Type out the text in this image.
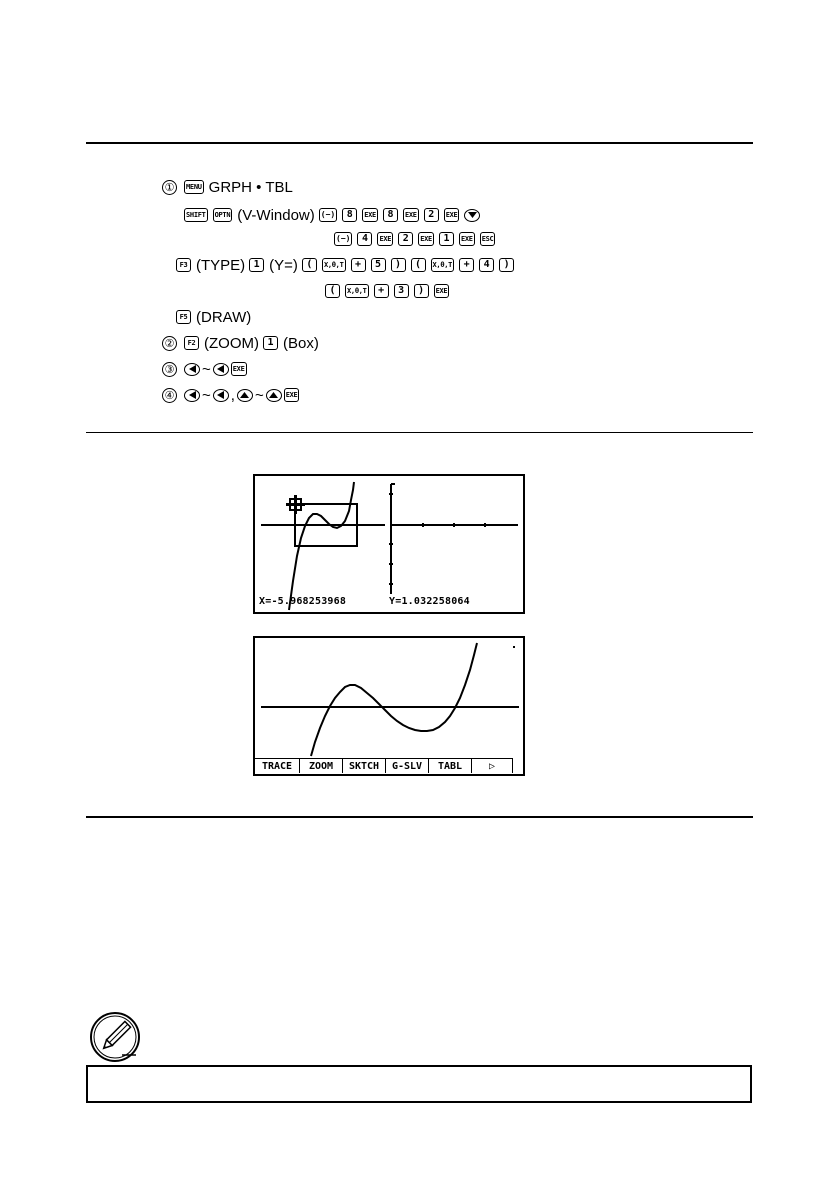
①	MENU GRPH • TBL
SHIFT OPTN (V-Window) (−)	8	EXE	8	EXE	2	EXE
(−)	4	EXE	2	EXE	1	EXE ESC
F3 (TYPE) 1 (Y=) (	X,θ,T	+	5	)	(	X,θ,T	+	4	)
(	X,θ,T	+	3	)	EXE
F5 (DRAW)
②	F2 (ZOOM) 1 (Box)
③ ~	EXE
④ ~ , ~	EXE
X=-5.968253968	Y=1.032258064
TRACE	ZOOM	SKTCH	G-SLV	TABL	▷
